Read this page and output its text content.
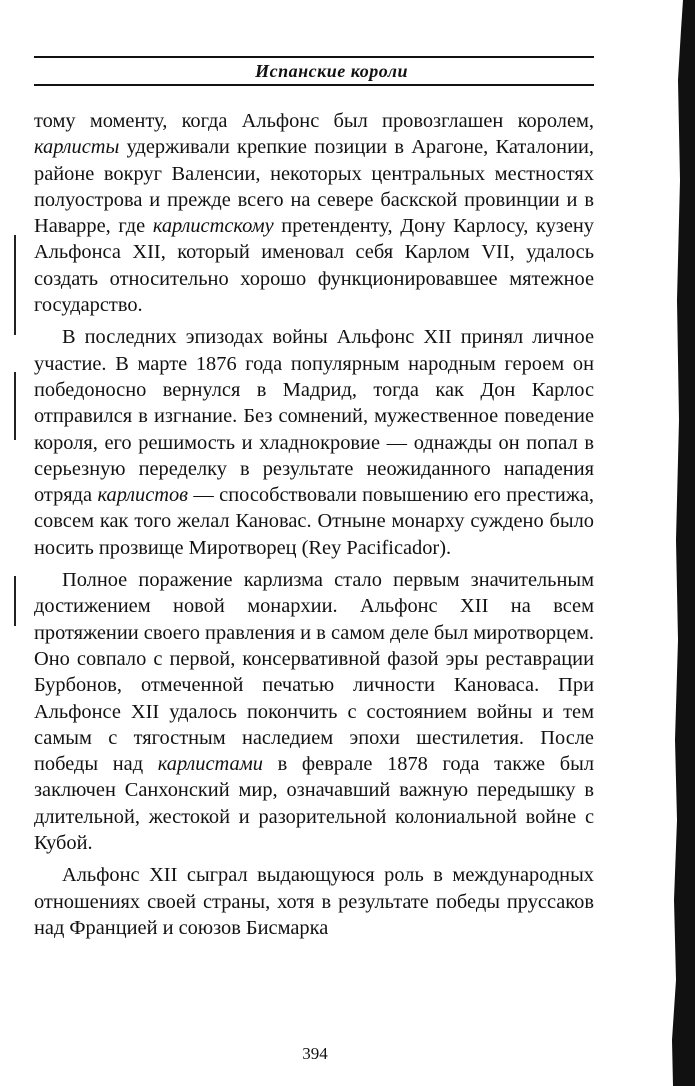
Испанские короли

тому моменту, когда Альфонс был провозглашен королем, карлисты удерживали крепкие позиции в Арагоне, Каталонии, районе вокруг Валенсии, некоторых центральных местностях полуострова и прежде всего на севере баскской провинции и в Наварре, где карлистскому претенденту, Дону Карлосу, кузену Альфонса XII, который именовал себя Карлом VII, удалось создать относительно хорошо функционировавшее мятежное государство.

В последних эпизодах войны Альфонс XII принял личное участие. В марте 1876 года популярным народным героем он победоносно вернулся в Мадрид, тогда как Дон Карлос отправился в изгнание. Без сомнений, мужественное поведение короля, его решимость и хладнокровие — однажды он попал в серьезную переделку в результате неожиданного нападения отряда карлистов — способствовали повышению его престижа, совсем как того желал Кановас. Отныне монарху суждено было носить прозвище Миротворец (Rey Pacificador).

Полное поражение карлизма стало первым значительным достижением новой монархии. Альфонс XII на всем протяжении своего правления и в самом деле был миротворцем. Оно совпало с первой, консервативной фазой эры реставрации Бурбонов, отмеченной печатью личности Кановаса. При Альфонсе XII удалось покончить с состоянием войны и тем самым с тягостным наследием эпохи шестилетия. После победы над карлистами в феврале 1878 года также был заключен Санхонский мир, означавший важную передышку в длительной, жестокой и разорительной колониальной войне с Кубой.

Альфонс XII сыграл выдающуюся роль в международных отношениях своей страны, хотя в результате победы пруссаков над Францией и союзов Бисмарка

394
